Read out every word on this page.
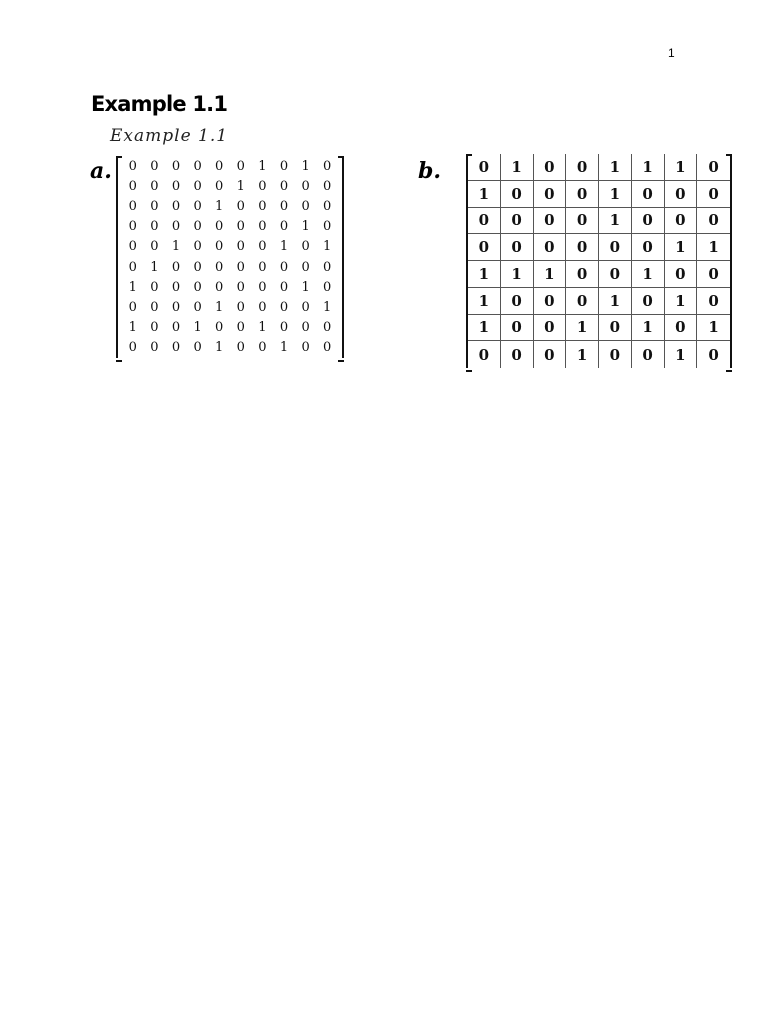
1
Example 1.1
Example 1.1
a.	b.
0	0	0	0	0	0	1	0	1	0
0	0	0	0	0	1	0	0	0	0
0	0	0	0	1	0	0	0	0	0
0	0	0	0	0	0	0	0	1	0
0	0	1	0	0	0	0	1	0	1
0	1	0	0	0	0	0	0	0	0
1	0	0	0	0	0	0	0	1	0
0	0	0	0	1	0	0	0	0	1
1	0	0	1	0	0	1	0	0	0
0	0	0	0	1	0	0	1	0	0
0	1	0	0	1	1	1	0
1	0	0	0	1	0	0	0
0	0	0	0	1	0	0	0
0	0	0	0	0	0	1	1
1	1	1	0	0	1	0	0
1	0	0	0	1	0	1	0
1	0	0	1	0	1	0	1
0	0	0	1	0	0	1	0
